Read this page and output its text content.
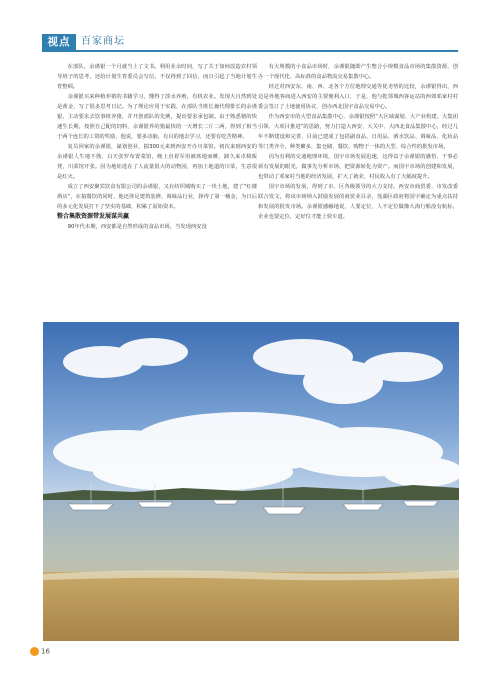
视点	百家商坛

在部队，余谨银一个月就当上了文书。利用业余时间，写了关于如何改造农村领导班子的思考，还给计划生育委员会写信，不仅得到了回信，而且引起了当地计划生育整顿。

余谨银买来种植养猪的书籍学习，懂得了淡水养殖，有机农业。发现大自然到处是黄金，写了很多思考日记。为了理论应用于实践，在部队当班长兼代理排长的余谨银，主动要求去饮事班养猪，并开创部队的先例，提出要求承包制。由于熟悉猪的快速生长期，按照自己配的饲料，余谨银养的猪最快的一天增长二斤二两，得到了相当于两个连长的工资的奖励，他说，要多动脑，有目的地去学习，还要有吃苦精神。

复员回家的余谨银，谋划创业，揣300元来到西安开办川菜馆。初次来到西安的余谨银人生地不熟，白天张罗布置菜馆，晚上直着军用被席地而睡，卸久来卓椅板凳，川菜馆开张。因为地址选在了人流量很大的动物园，再加上地道的川菜，生意很是红火。

成立了西安聚宾饮食有限公司的余谨银，又在纺织城购买了一块土地，建了“红楼酒店”，在搞餐饮的同时，他还涉足建筑装修，调味品行业，挣得了第一桶金，为日后的多元化发展打下了坚实的基础，积累了原始资本。

整合集散资源带发展谋共赢

90年代末期，西安都是自然形成的食品市场，当发现西安没

有大规模的小食品市场时，余谨银随即产生整合小规模食品市场的集散资源，创办一个现代化、高标准的食品物流交易集散中心。

经过对西安东、南、西、北各个方位地理交通等优劣势的比较，余谨银得出，西边是外地客商进入西安的主要便利入口，于是，他与乾邻城西客运站的西郊邓家村村委会签订了土地使用协议，创办西北国宇食品交易中心。

作为西安市的大型食品集散中心，余谨银按照“大区域谋划、大产业构建、大集团引领、大项目推进”的思路，努力打造大西安、大关中、大西北食品集散中心，经过几年不断建设和完善，目前已建成了包括副食品、日用品、酒水饮品、调味品、化妆品等门类齐全、种类繁多，集仓储、餐饮、购物于一体的大型、综合性的批发市场。

因为有利的交通地理环境，国宇市场发展迅速，这得益于余谨银的感悟，干事必须有发展的眼光，做事先分析市场，把资源转化为资产。而国宇市场的创建和发展，也带动了邓家村当地的经济发展，扩大了就业，村民收入有了大幅度提升。

国宇市场的发展，得到了市、区各级领导的大力支持。西安市商贸委、市发改委联合发文，将该市场纳入鼓励发展的商贸业目录，莲湖区政府将国宇确定为重点扶持和发展的批发市场。余谨银感触地说，人要定位，人不定位做像大海行船没有航标，企业也要定位，定好位才能上快车道。

16
